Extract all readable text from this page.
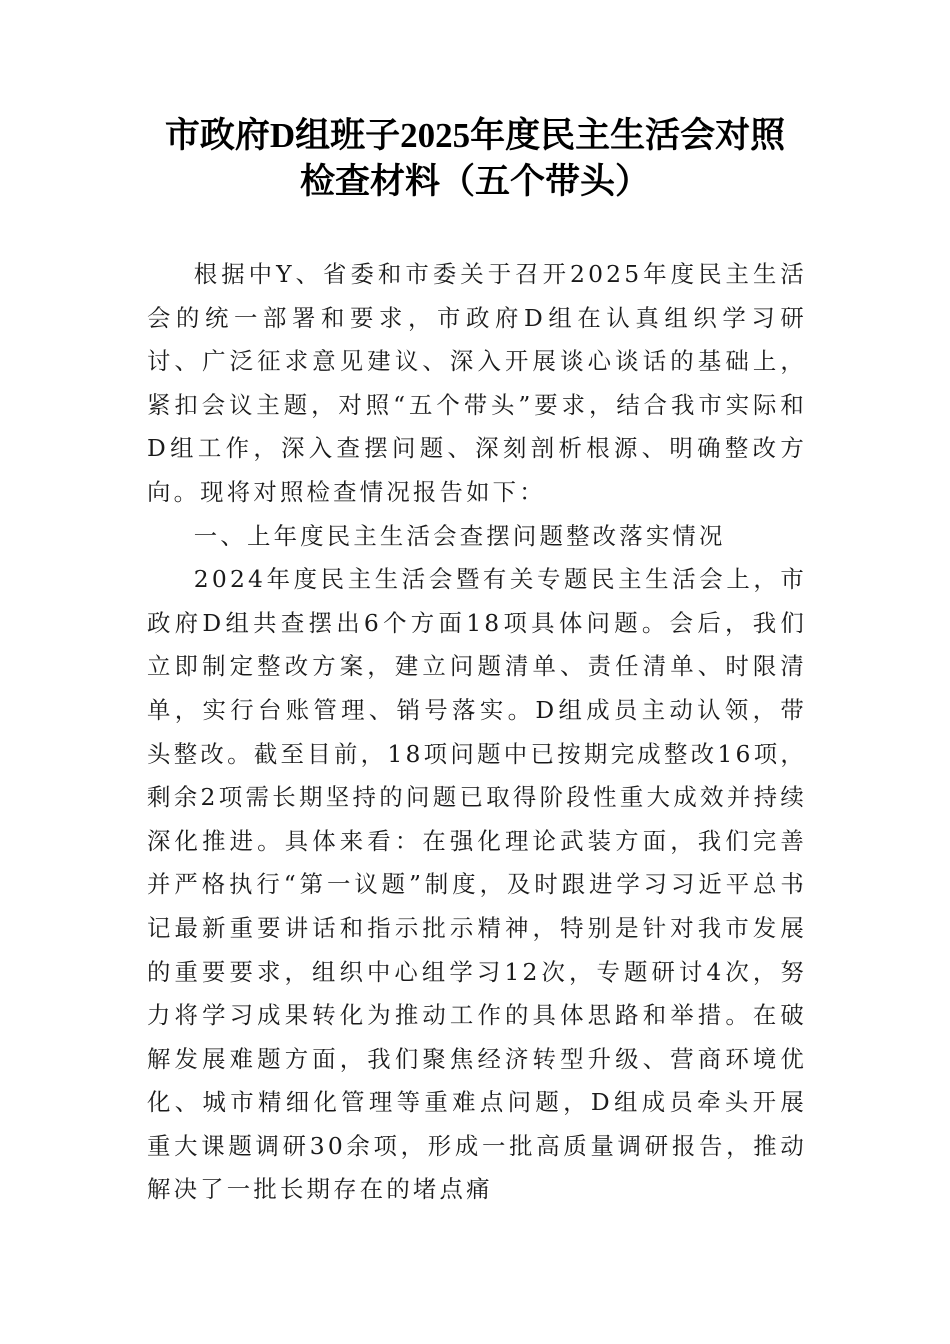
市政府D组班子2025年度民主生活会对照
检查材料（五个带头）

根据中Y、省委和市委关于召开2025年度民主生活会的统一部署和要求，市政府D组在认真组织学习研讨、广泛征求意见建议、深入开展谈心谈话的基础上，紧扣会议主题，对照“五个带头”要求，结合我市实际和D组工作，深入查摆问题、深刻剖析根源、明确整改方向。现将对照检查情况报告如下：

一、上年度民主生活会查摆问题整改落实情况

2024年度民主生活会暨有关专题民主生活会上，市政府D组共查摆出6个方面18项具体问题。会后，我们立即制定整改方案，建立问题清单、责任清单、时限清单，实行台账管理、销号落实。D组成员主动认领，带头整改。截至目前，18项问题中已按期完成整改16项，剩余2项需长期坚持的问题已取得阶段性重大成效并持续深化推进。具体来看：在强化理论武装方面，我们完善并严格执行“第一议题”制度，及时跟进学习习近平总书记最新重要讲话和指示批示精神，特别是针对我市发展的重要要求，组织中心组学习12次，专题研讨4次，努力将学习成果转化为推动工作的具体思路和举措。在破解发展难题方面，我们聚焦经济转型升级、营商环境优化、城市精细化管理等重难点问题，D组成员牵头开展重大课题调研30余项，形成一批高质量调研报告，推动解决了一批长期存在的堵点痛
